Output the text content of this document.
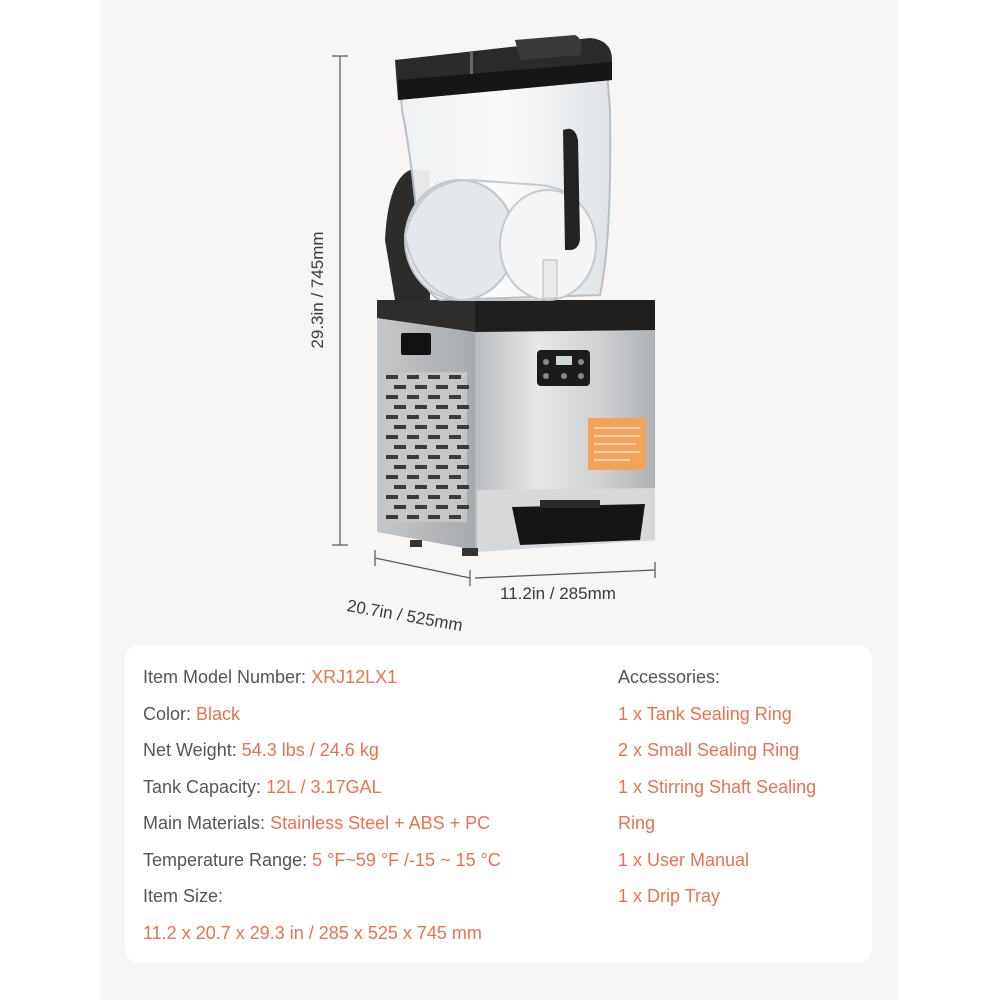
29.3in / 745mm
20.7in / 525mm
11.2in / 285mm
Item Model Number: XRJ12LX1
Color: Black
Net Weight: 54.3 lbs / 24.6 kg
Tank Capacity: 12L / 3.17GAL
Main Materials: Stainless Steel + ABS + PC
Temperature Range: 5 °F~59 °F /-15 ~ 15 °C
Item Size:
11.2 x 20.7 x 29.3 in / 285 x 525 x 745 mm
Accessories:
1 x Tank Sealing Ring
2 x Small Sealing Ring
1 x Stirring Shaft Sealing
Ring
1 x User Manual
1 x Drip Tray
